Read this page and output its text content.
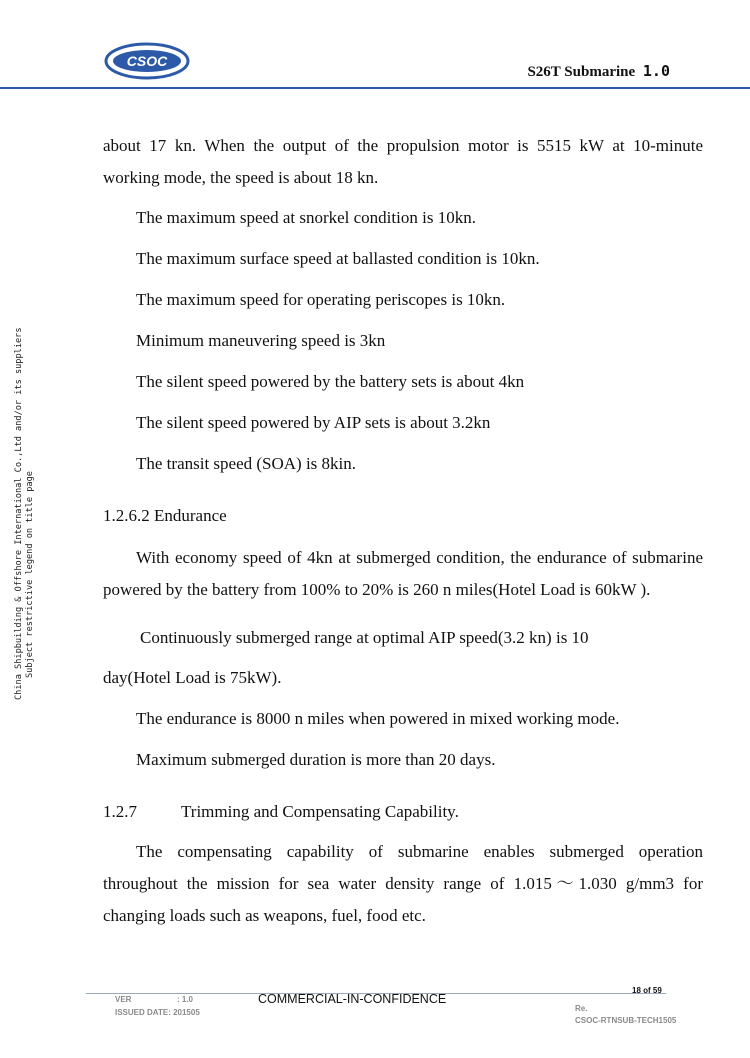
CSOC
S26T Submarine 1.0
China Shipbuilding & Offshore International Co.,Ltd and/or its suppliers Subject restrictive legend on title page

about 17 kn. When the output of the propulsion motor is 5515 kW at 10-minute working mode, the speed is about 18 kn.

The maximum speed at snorkel condition is 10kn.

The maximum surface speed at ballasted condition is 10kn.

The maximum speed for operating periscopes is 10kn.

Minimum maneuvering speed is 3kn

The silent speed powered by the battery sets is about 4kn

The silent speed powered by AIP sets is about 3.2kn

The transit speed (SOA) is 8kin.

1.2.6.2 Endurance

With economy speed of 4kn at submerged condition, the endurance of submarine powered by the battery from 100% to 20% is 260 n miles(Hotel Load is 60kW ).

Continuously submerged range at optimal AIP speed(3.2 kn) is 10

day(Hotel Load is 75kW).

The endurance is 8000 n miles when powered in mixed working mode.

Maximum submerged duration is more than 20 days.

1.2.7	Trimming and Compensating Capability.

The compensating capability of submarine enables submerged operation throughout the mission for sea water density range of 1.015～1.030 g/mm3 for changing loads such as weapons, fuel, food etc.

VER	: 1.0
ISSUED DATE: 201505
COMMERCIAL-IN-CONFIDENCE
18 of 59
Re.
CSOC-RTNSUB-TECH1505
